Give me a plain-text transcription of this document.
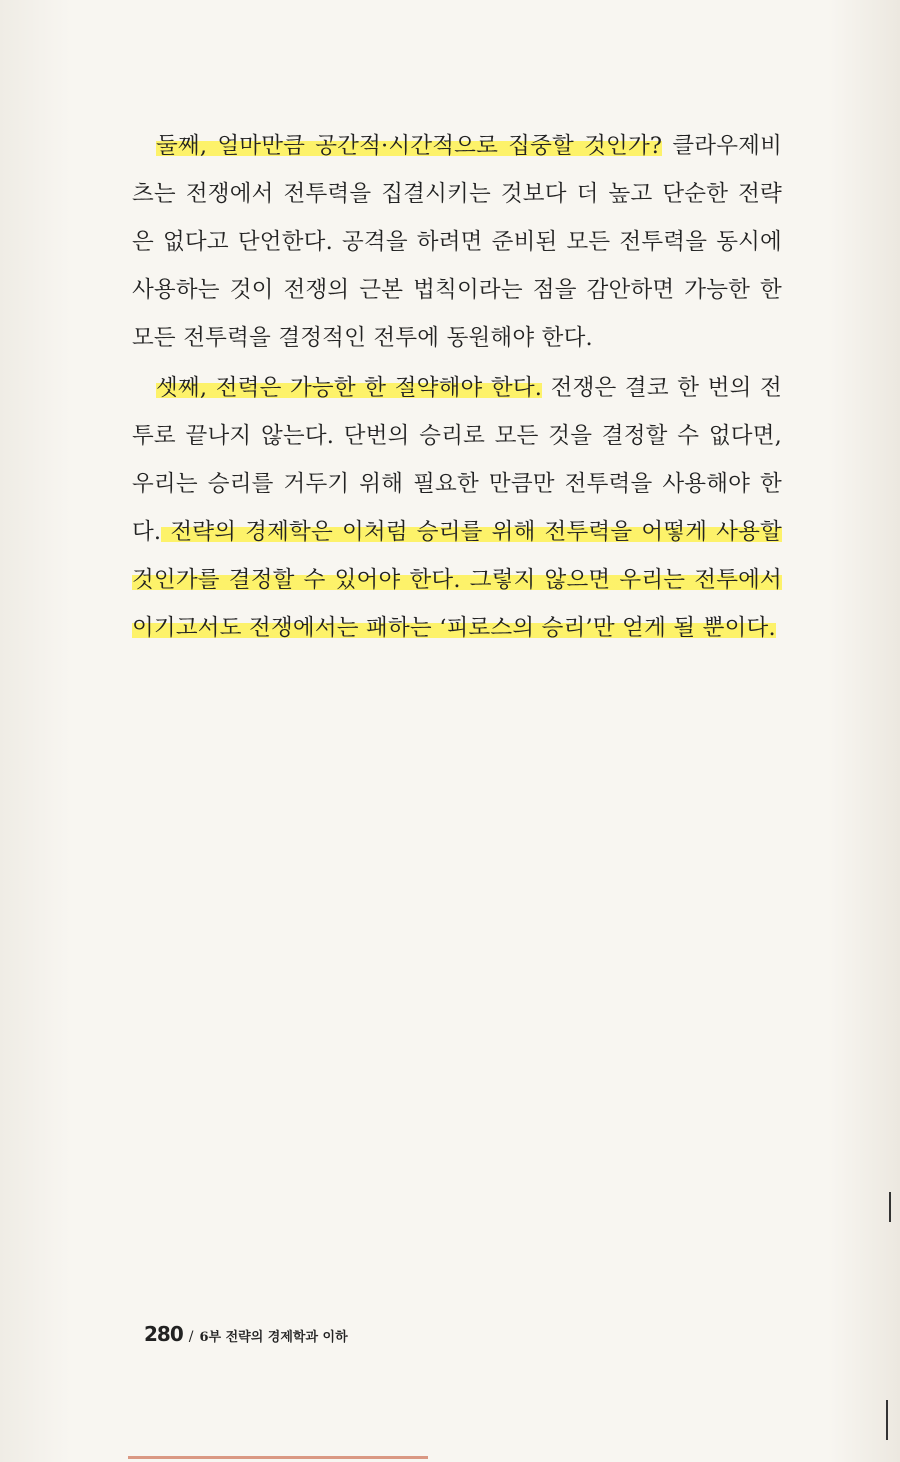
둘째, 얼마만큼 공간적·시간적으로 집중할 것인가? 클라우제비츠는 전쟁에서 전투력을 집결시키는 것보다 더 높고 단순한 전략은 없다고 단언한다. 공격을 하려면 준비된 모든 전투력을 동시에 사용하는 것이 전쟁의 근본 법칙이라는 점을 감안하면 가능한 한 모든 전투력을 결정적인 전투에 동원해야 한다.

셋째, 전력은 가능한 한 절약해야 한다. 전쟁은 결코 한 번의 전투로 끝나지 않는다. 단번의 승리로 모든 것을 결정할 수 없다면, 우리는 승리를 거두기 위해 필요한 만큼만 전투력을 사용해야 한다. 전략의 경제학은 이처럼 승리를 위해 전투력을 어떻게 사용할 것인가를 결정할 수 있어야 한다. 그렇지 않으면 우리는 전투에서 이기고서도 전쟁에서는 패하는 ‘피로스의 승리’만 얻게 될 뿐이다.

280 / 6부 전략의 경제학과 이하
